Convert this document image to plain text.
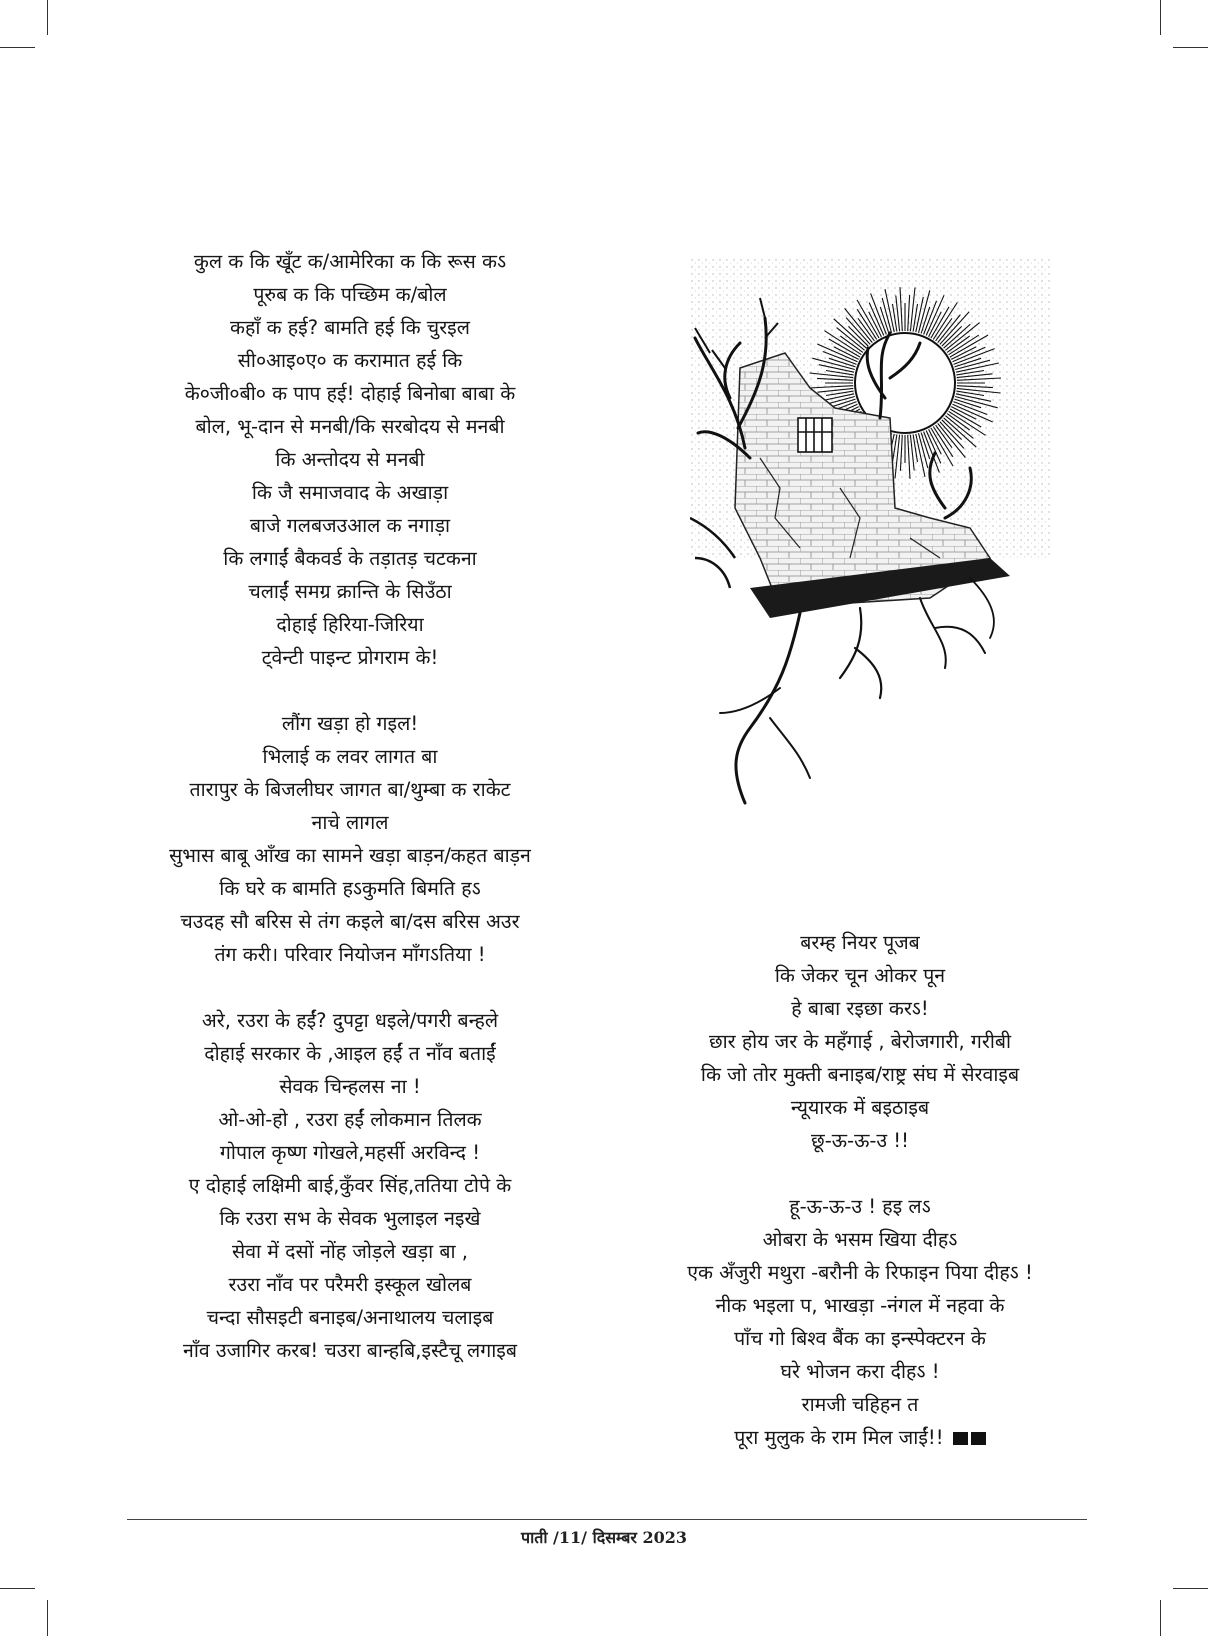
कुल क कि खूँट क/आमेरिका क कि रूस कऽ
पूरुब क कि पच्छिम क/बोल
कहाँ क हई? बामति हई कि चुरइल
सी०आइ०ए० क करामात हई कि
के०जी०बी० क पाप हई! दोहाई बिनोबा बाबा के
बोल, भू-दान से मनबी/कि सरबोदय से मनबी
कि अन्तोदय से मनबी
कि जै समाजवाद के अखाड़ा
बाजे गलबजउआल क नगाड़ा
कि लगाईं बैकवर्ड के तड़ातड़ चटकना
चलाईं समग्र क्रान्ति के सिउँठा
दोहाई हिरिया-जिरिया
ट्वेन्टी पाइन्ट प्रोगराम के!
लौंग खड़ा हो गइल!
भिलाई क लवर लागत बा
तारापुर के बिजलीघर जागत बा/थुम्बा क राकेट
नाचे लागल
सुभास बाबू आँख का सामने खड़ा बाड़न/कहत बाड़न
कि घरे क बामति हऽकुमति बिमति हऽ
चउदह सौ बरिस से तंग कइले बा/दस बरिस अउर
तंग करी। परिवार नियोजन माँगऽतिया !
अरे, रउरा के हईं? दुपट्टा धइले/पगरी बन्हले
दोहाई सरकार के ,आइल हईं त नाँव बताईं
सेवक चिन्हलस ना !
ओ-ओ-हो , रउरा हईं लोकमान तिलक
गोपाल कृष्ण गोखले,महर्सी अरविन्द !
ए दोहाई लक्षिमी बाई,कुँवर सिंह,ततिया टोपे के
कि रउरा सभ के सेवक भुलाइल नइखे
सेवा में दसों नोंह जोड़ले खड़ा बा ,
रउरा नाँव पर परैमरी इस्कूल खोलब
चन्दा सौसइटी बनाइब/अनाथालय चलाइब
नाँव उजागिर करब! चउरा बान्हबि,इस्टैचू लगाइब
बरम्ह नियर पूजब
कि जेकर चून ओकर पून
हे बाबा रइछा करऽ!
छार होय जर के महँगाई , बेरोजगारी, गरीबी
कि जो तोर मुक्ती बनाइब/राष्ट्र संघ में सेरवाइब
न्यूयारक में बइठाइब
छू-ऊ-ऊ-उ !!
हू-ऊ-ऊ-उ ! हइ लऽ
ओबरा के भसम खिया दीहऽ
एक अँजुरी मथुरा -बरौनी के रिफाइन पिया दीहऽ !
नीक भइला प, भाखड़ा -नंगल में नहवा के
पाँच गो बिश्व बैंक का इन्स्पेक्टरन के
घरे भोजन करा दीहऽ !
रामजी चहिहन त
पूरा मुलुक के राम मिल जाईं!!
पाती /11/ दिसम्बर 2023
